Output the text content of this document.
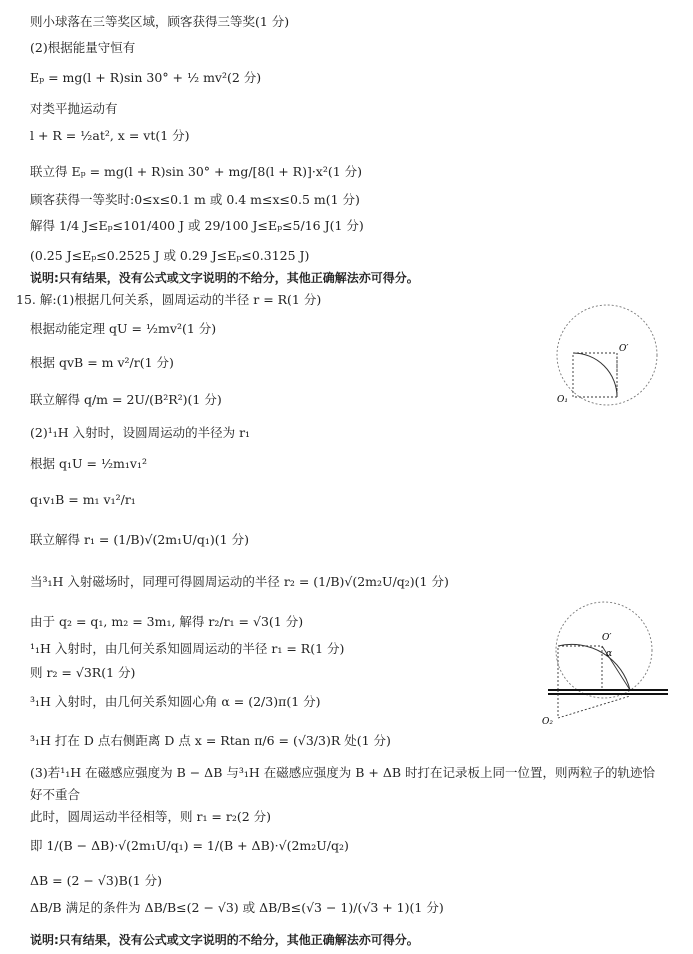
则小球落在三等奖区域，顾客获得三等奖(1 分)
(2)根据能量守恒有
Eₚ = mg(l + R)sin 30° + ½ mv²(2 分)
对类平抛运动有
l + R = ½at², x = vt(1 分)
联立得 Eₚ = mg(l + R)sin 30° + mg/[8(l + R)]·x²(1 分)
顾客获得一等奖时:0≤x≤0.1 m 或 0.4 m≤x≤0.5 m(1 分)
解得 1/4 J≤Eₚ≤101/400 J 或 29/100 J≤Eₚ≤5/16 J(1 分)
(0.25 J≤Eₚ≤0.2525 J 或 0.29 J≤Eₚ≤0.3125 J)
说明:只有结果，没有公式或文字说明的不给分，其他正确解法亦可得分。
15. 解:(1)根据几何关系，圆周运动的半径 r = R(1 分)
根据动能定理 qU = ½mv²(1 分)
根据 qvB = m v²/r(1 分)
联立解得 q/m = 2U/(B²R²)(1 分)
(2)¹₁H 入射时，设圆周运动的半径为 r₁
根据 q₁U = ½m₁v₁²
q₁v₁B = m₁ v₁²/r₁
联立解得 r₁ = (1/B)√(2m₁U/q₁)(1 分)
当³₁H 入射磁场时，同理可得圆周运动的半径 r₂ = (1/B)√(2m₂U/q₂)(1 分)
由于 q₂ = q₁, m₂ = 3m₁, 解得 r₂/r₁ = √3(1 分)
¹₁H 入射时，由几何关系知圆周运动的半径 r₁ = R(1 分)
则 r₂ = √3R(1 分)
³₁H 入射时，由几何关系知圆心角 α = (2/3)π(1 分)
³₁H 打在 D 点右侧距离 D 点 x = Rtan π/6 = (√3/3)R 处(1 分)
(3)若¹₁H 在磁感应强度为 B − ΔB 与³₁H 在磁感应强度为 B + ΔB 时打在记录板上同一位置，则两粒子的轨迹恰
好不重合
此时，圆周运动半径相等，则 r₁ = r₂(2 分)
即 1/(B − ΔB)·√(2m₁U/q₁) = 1/(B + ΔB)·√(2m₂U/q₂)
ΔB = (2 − √3)B(1 分)
ΔB/B 满足的条件为 ΔB/B≤(2 − √3) 或 ΔB/B≤(√3 − 1)/(√3 + 1)(1 分)
说明:只有结果，没有公式或文字说明的不给分，其他正确解法亦可得分。
O′
O₁
O′
α
O₂
